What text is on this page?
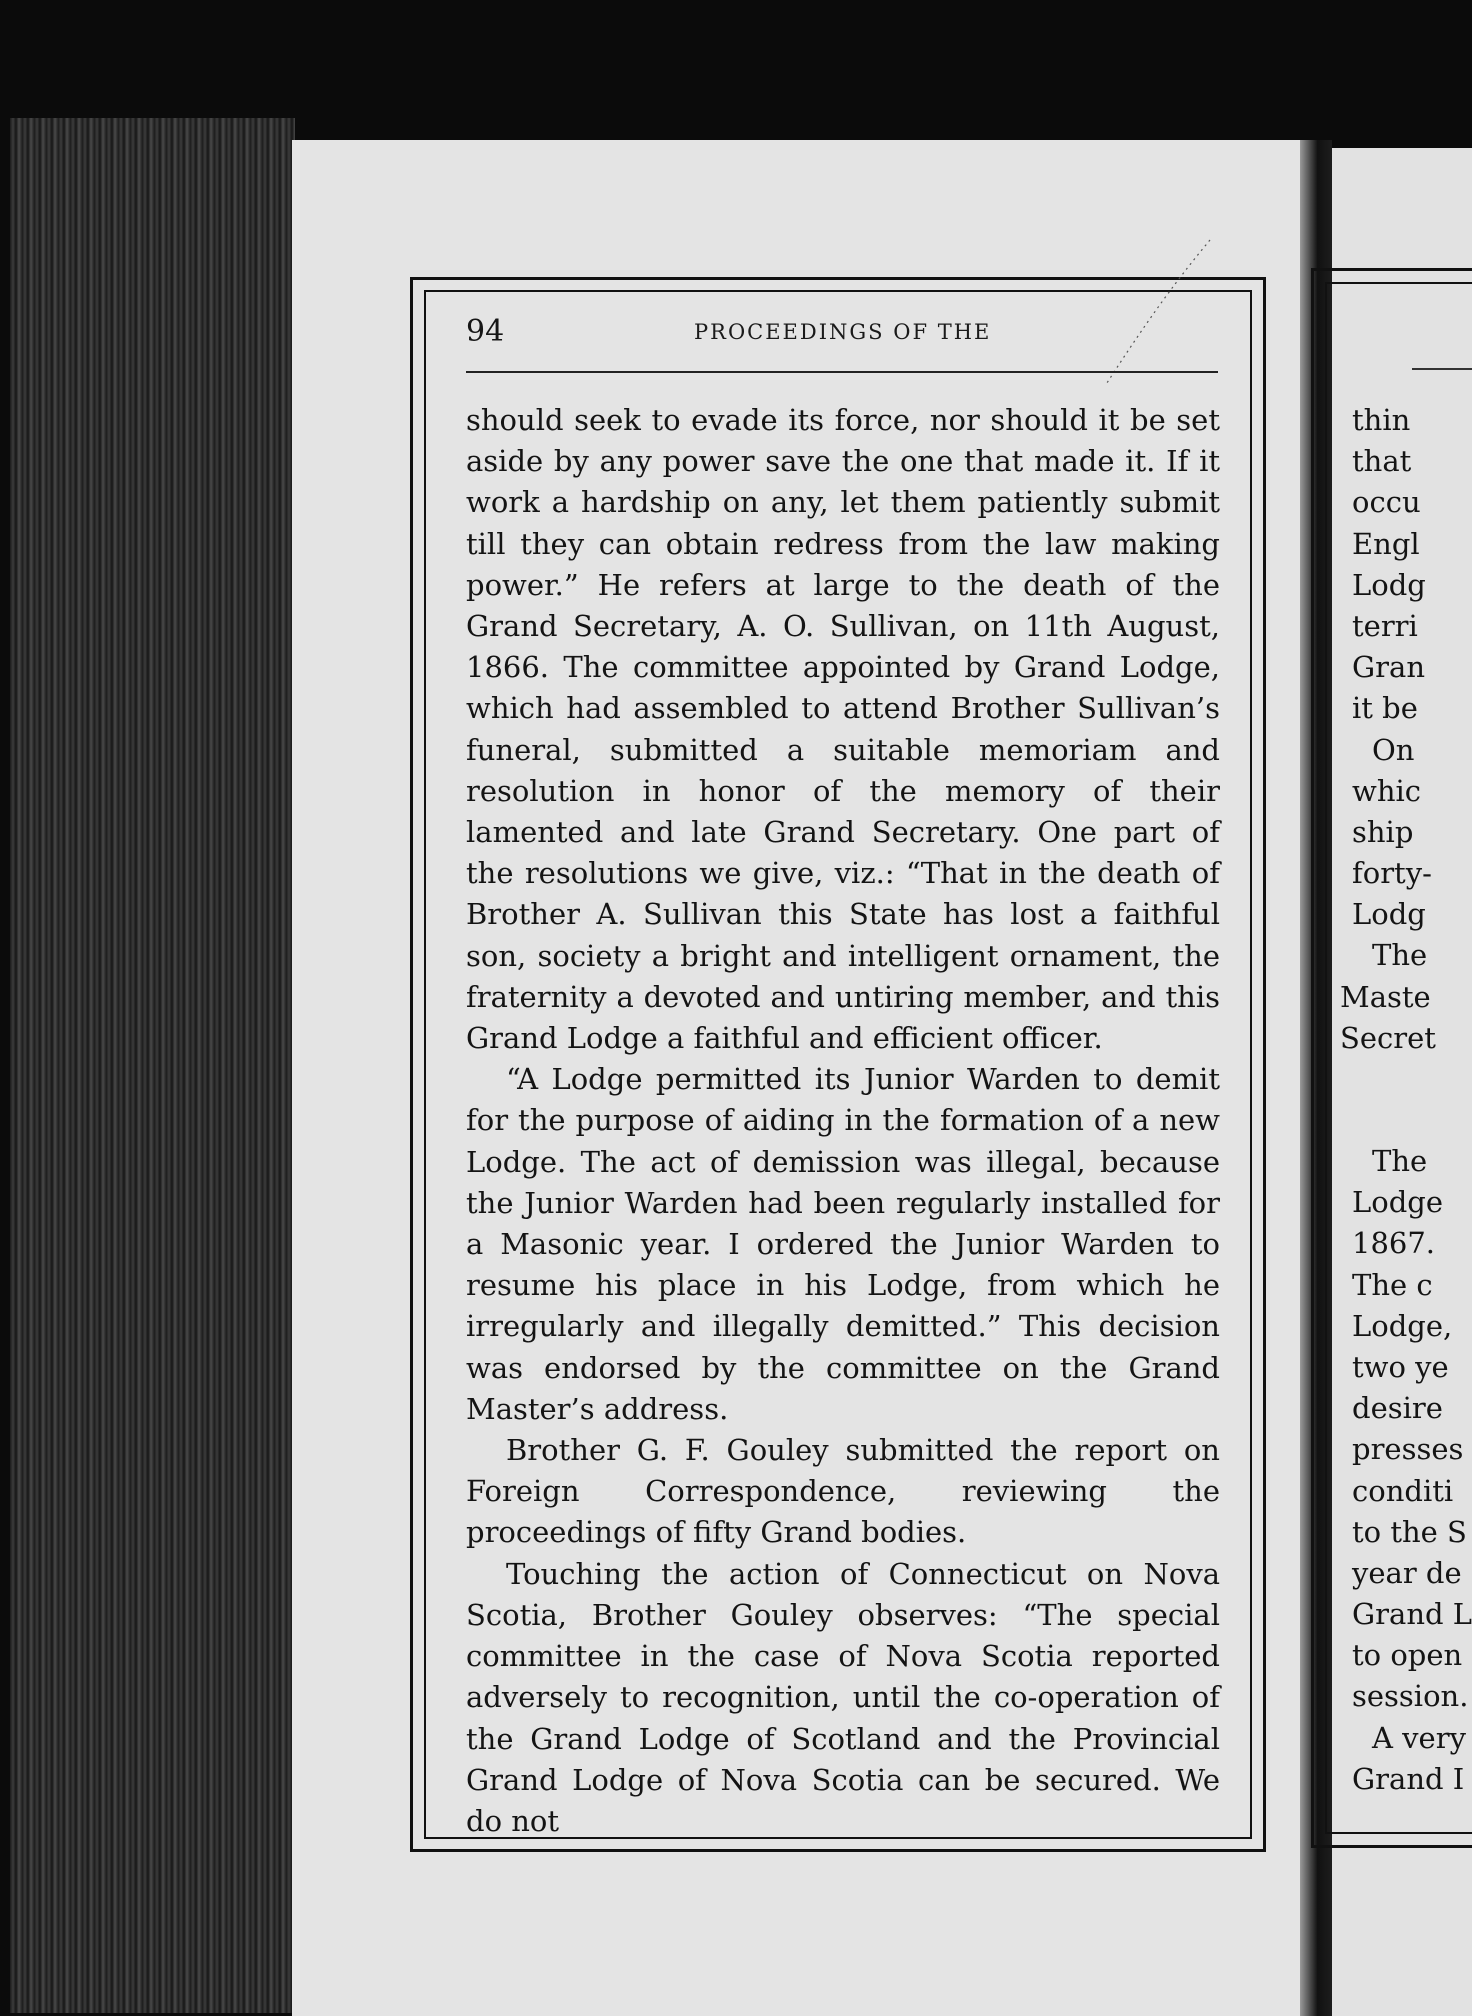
94	PROCEEDINGS OF THE

should seek to evade its force, nor should it be set aside by any power save the one that made it. If it work a hardship on any, let them patiently submit till they can obtain redress from the law making power.” He refers at large to the death of the Grand Secretary, A. O. Sullivan, on 11th August, 1866. The committee appointed by Grand Lodge, which had assembled to attend Brother Sullivan’s funeral, submitted a suitable memoriam and resolution in honor of the memory of their lamented and late Grand Secretary. One part of the resolutions we give, viz.: “That in the death of Brother A. Sullivan this State has lost a faithful son, society a bright and intelligent ornament, the fraternity a devoted and untiring member, and this Grand Lodge a faithful and efficient officer.

“A Lodge permitted its Junior Warden to demit for the purpose of aiding in the formation of a new Lodge. The act of demission was illegal, because the Junior Warden had been regularly installed for a Masonic year. I ordered the Junior Warden to resume his place in his Lodge, from which he irregularly and illegally demitted.” This decision was endorsed by the committee on the Grand Master’s address.

Brother G. F. Gouley submitted the report on Foreign Correspondence, reviewing the proceedings of fifty Grand bodies.

Touching the action of Connecticut on Nova Scotia, Brother Gouley observes: “The special committee in the case of Nova Scotia reported adversely to recognition, until the co-operation of the Grand Lodge of Scotland and the Provincial Grand Lodge of Nova Scotia can be secured. We do not

thin
that
occu
Engl
Lodg
terri
Gran
it be
On
whic
ship
forty-
Lodg
The
Maste
Secret
The
Lodge
1867.
The c
Lodge,
two ye
desire
presses
conditi
to the S
year de
Grand L
to open
session.
A very
Grand I
